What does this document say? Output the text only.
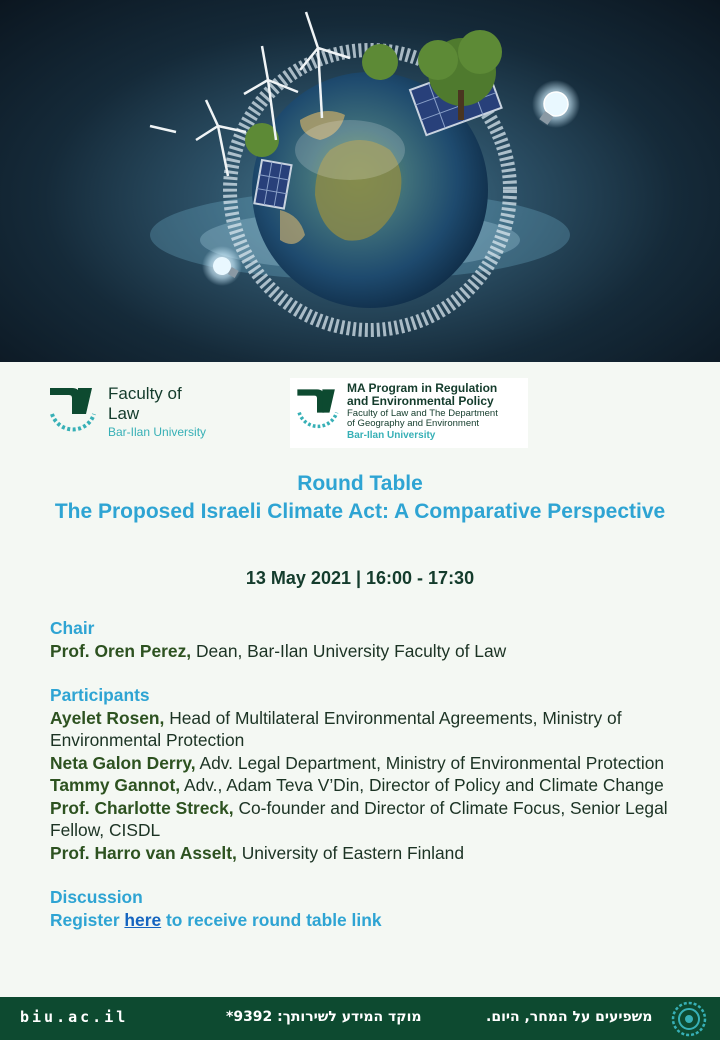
Faculty of
Law
Bar-Ilan University
MA Program in Regulation
and Environmental Policy
Faculty of Law and The Department
of Geography and Environment
Bar-Ilan University
Round Table
The Proposed Israeli Climate Act: A Comparative Perspective
13 May 2021 | 16:00 - 17:30
Chair
Prof. Oren Perez, Dean, Bar-Ilan University Faculty of Law
Participants
Ayelet Rosen, Head of Multilateral Environmental Agreements, Ministry of Environmental Protection
Neta Galon Derry, Adv. Legal Department, Ministry of Environmental Protection
Tammy Gannot, Adv., Adam Teva V’Din, Director of Policy and Climate Change
Prof. Charlotte Streck, Co-founder and Director of Climate Focus, Senior Legal Fellow, CISDL
Prof. Harro van Asselt, University of Eastern Finland
Discussion
Register here to receive round table link
biu.ac.il	מוקד המידע לשירותך: 9392*	משפיעים על המחר, היום.
